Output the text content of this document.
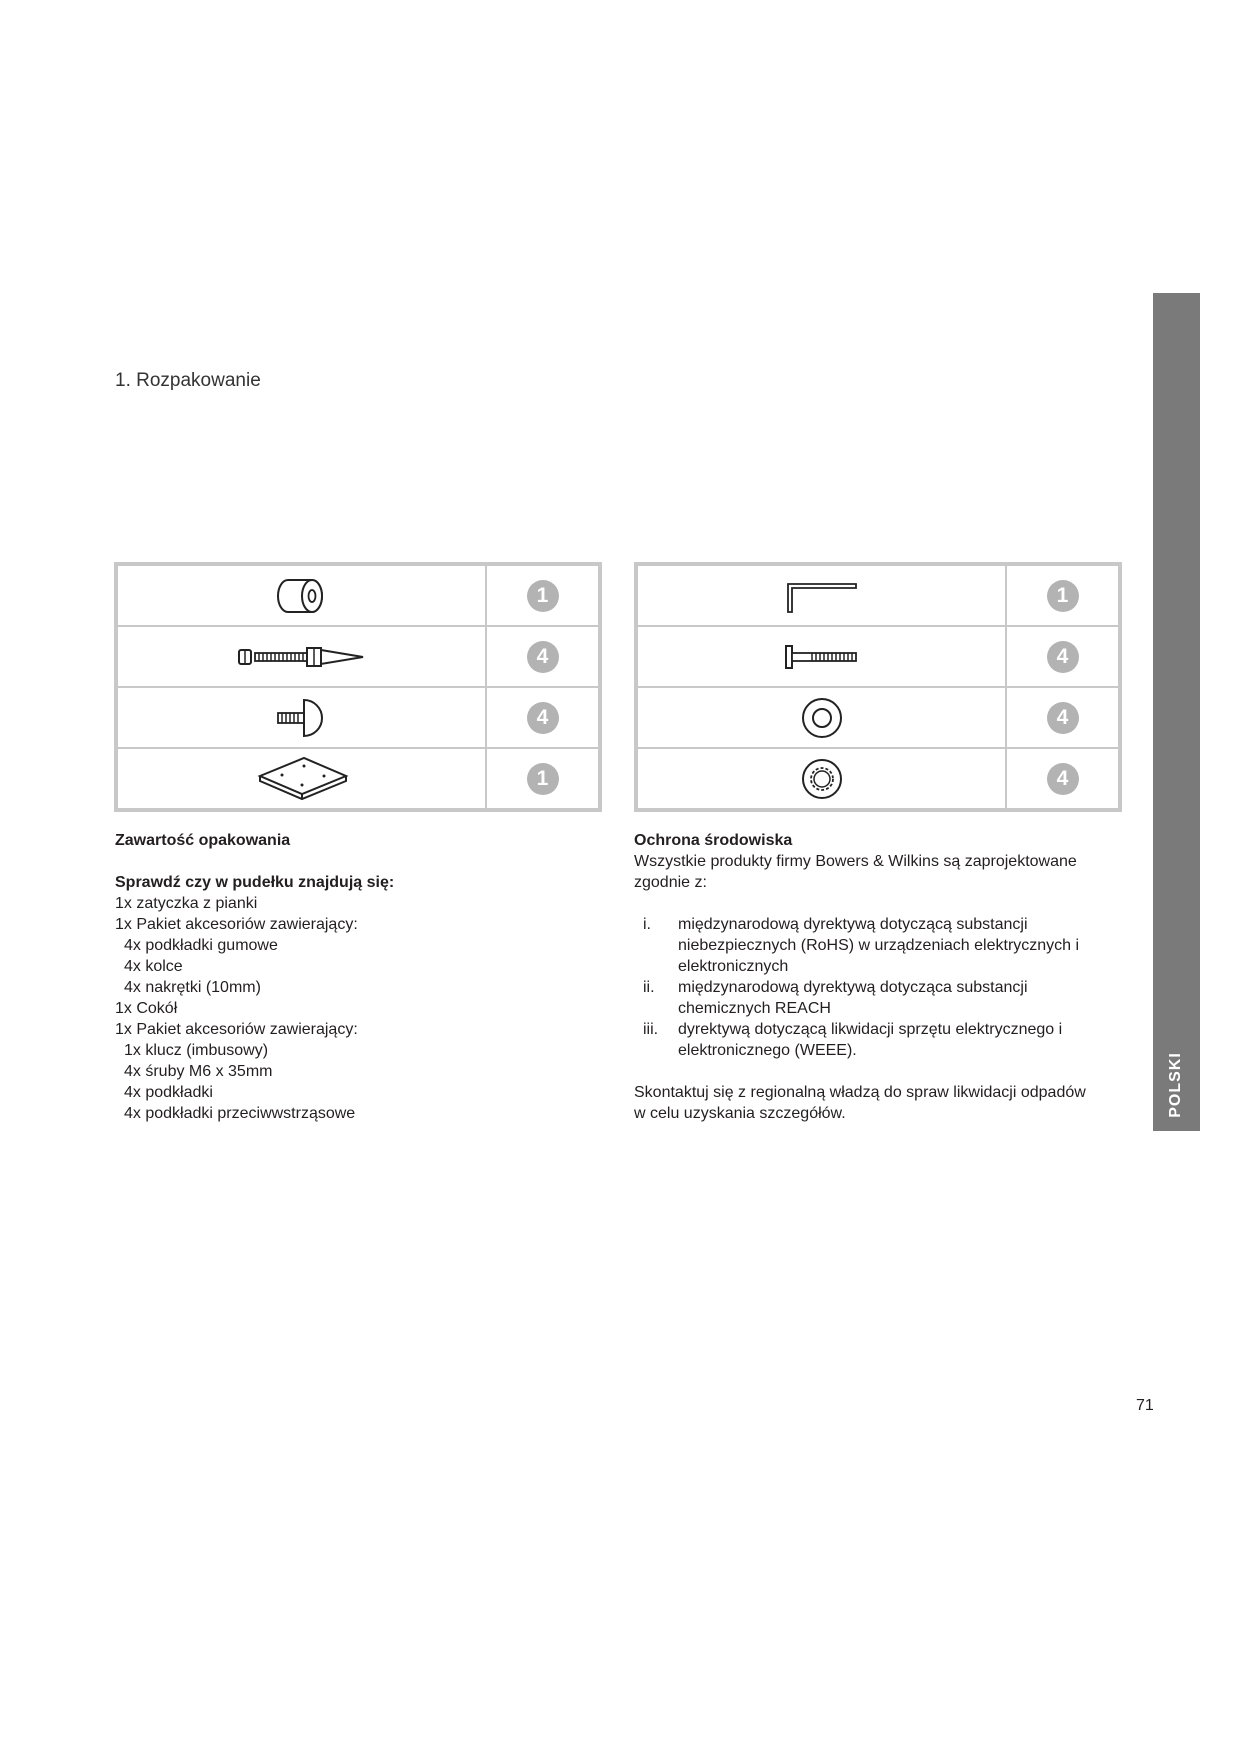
1. Rozpakowanie
1
4
4
1
1
4
4
4

Zawartość opakowania

Sprawdź czy w pudełku znajdują się:

1x zatyczka z pianki

1x Pakiet akcesoriów zawierający:

4x podkładki gumowe

4x kolce

4x nakrętki (10mm)

1x Cokół

1x Pakiet akcesoriów zawierający:

1x klucz (imbusowy)

4x śruby M6 x 35mm

4x podkładki

4x podkładki przeciwwstrząsowe

Ochrona środowiska

Wszystkie produkty firmy Bowers & Wilkins są zaprojektowane

zgodnie z:

i. międzynarodową dyrektywą dotyczącą substancji

niebezpiecznych (RoHS) w urządzeniach elektrycznych i

elektronicznych

ii. międzynarodową dyrektywą dotycząca substancji

chemicznych REACH

iii. dyrektywą dotyczącą likwidacji sprzętu elektrycznego i

elektronicznego (WEEE).

Skontaktuj się z regionalną władzą do spraw likwidacji odpadów

w celu uzyskania szczegółów.	POLSKI
71
